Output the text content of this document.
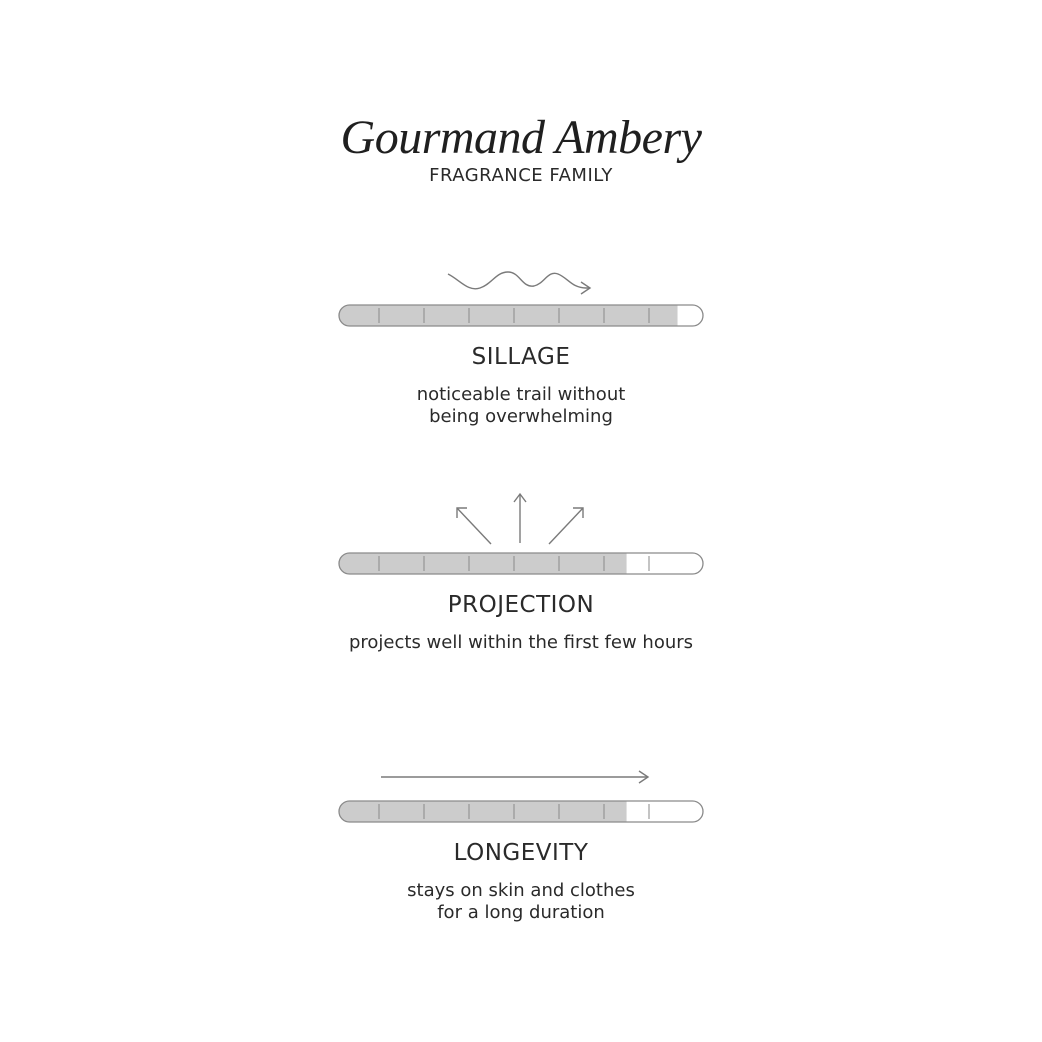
Gourmand Ambery
FRAGRANCE FAMILY
SILLAGE
noticeable trail without
being overwhelming
PROJECTION
projects well within the first few hours
LONGEVITY
stays on skin and clothes
for a long duration
